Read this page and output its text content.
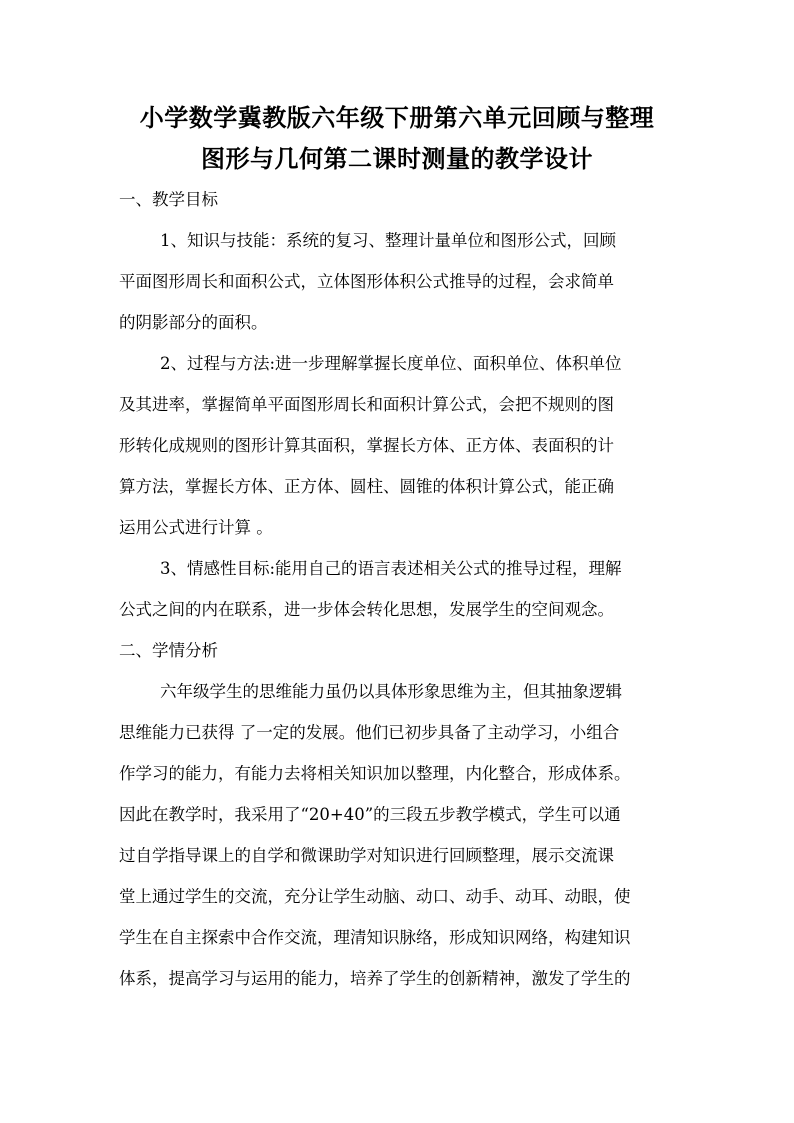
小学数学冀教版六年级下册第六单元回顾与整理
图形与几何第二课时测量的教学设计
一、教学目标
1、知识与技能：系统的复习、整理计量单位和图形公式，回顾
平面图形周长和面积公式，立体图形体积公式推导的过程，会求简单
的阴影部分的面积。
2、过程与方法:进一步理解掌握长度单位、面积单位、体积单位
及其进率，掌握简单平面图形周长和面积计算公式，会把不规则的图
形转化成规则的图形计算其面积，掌握长方体、正方体、表面积的计
算方法，掌握长方体、正方体、圆柱、圆锥的体积计算公式，能正确
运用公式进行计算 。
3、情感性目标:能用自己的语言表述相关公式的推导过程，理解
公式之间的内在联系，进一步体会转化思想，发展学生的空间观念。
二、学情分析
六年级学生的思维能力虽仍以具体形象思维为主，但其抽象逻辑
思维能力已获得 了一定的发展。他们已初步具备了主动学习，小组合
作学习的能力，有能力去将相关知识加以整理，内化整合，形成体系。
因此在教学时，我采用了“20+40”的三段五步教学模式，学生可以通
过自学指导课上的自学和微课助学对知识进行回顾整理，展示交流课
堂上通过学生的交流，充分让学生动脑、动口、动手、动耳、动眼，使
学生在自主探索中合作交流，理清知识脉络，形成知识网络，构建知识
体系，提高学习与运用的能力，培养了学生的创新精神，激发了学生的
